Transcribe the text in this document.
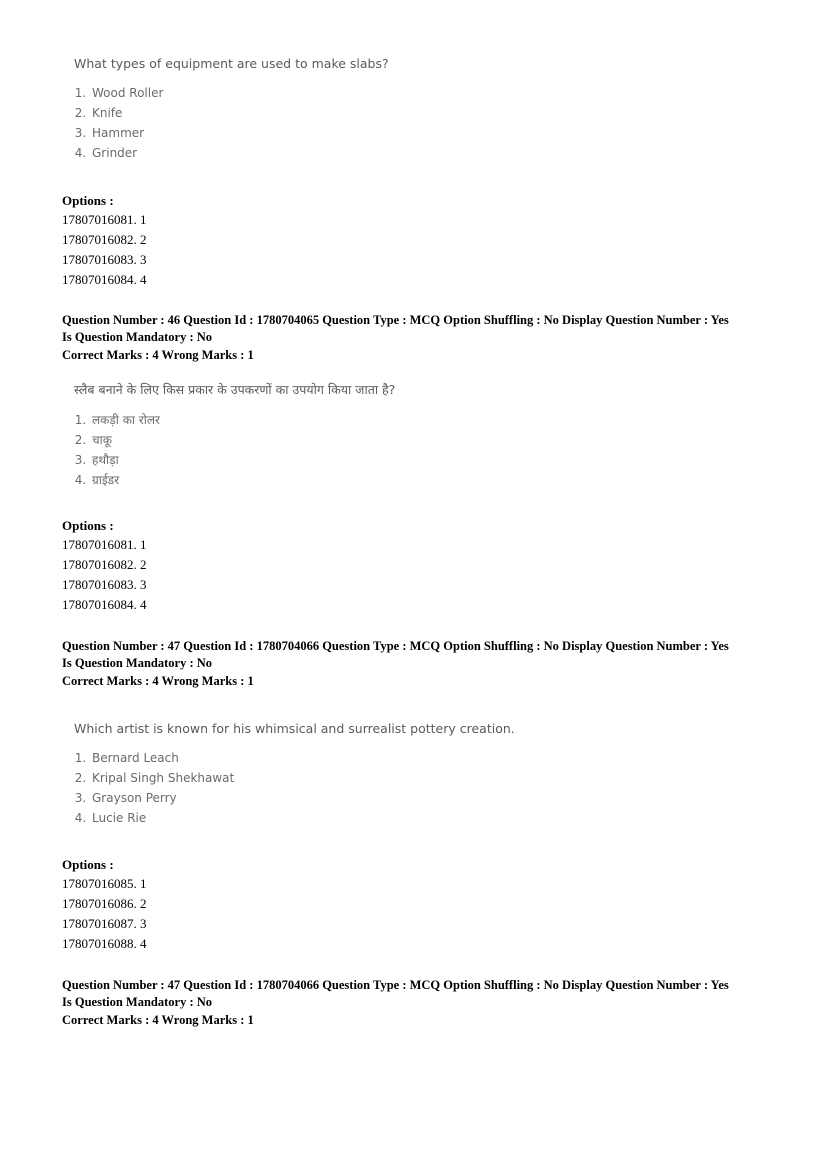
What types of equipment are used to make slabs?

1. Wood Roller
2. Knife
3. Hammer
4. Grinder
Options :
17807016081. 1
17807016082. 2
17807016083. 3
17807016084. 4
Question Number : 46 Question Id : 1780704065 Question Type : MCQ Option Shuffling : No Display Question Number : Yes
Is Question Mandatory : No
Correct Marks : 4 Wrong Marks : 1

स्लैब बनाने के लिए किस प्रकार के उपकरणों का उपयोग किया जाता है?

1. लकड़ी का रोलर
2. चाकू
3. हथौड़ा
4. ग्राईडर
Options :
17807016081. 1
17807016082. 2
17807016083. 3
17807016084. 4
Question Number : 47 Question Id : 1780704066 Question Type : MCQ Option Shuffling : No Display Question Number : Yes
Is Question Mandatory : No
Correct Marks : 4 Wrong Marks : 1

Which artist is known for his whimsical and surrealist pottery creation.

1. Bernard Leach
2. Kripal Singh Shekhawat
3. Grayson Perry
4. Lucie Rie
Options :
17807016085. 1
17807016086. 2
17807016087. 3
17807016088. 4
Question Number : 47 Question Id : 1780704066 Question Type : MCQ Option Shuffling : No Display Question Number : Yes
Is Question Mandatory : No
Correct Marks : 4 Wrong Marks : 1
